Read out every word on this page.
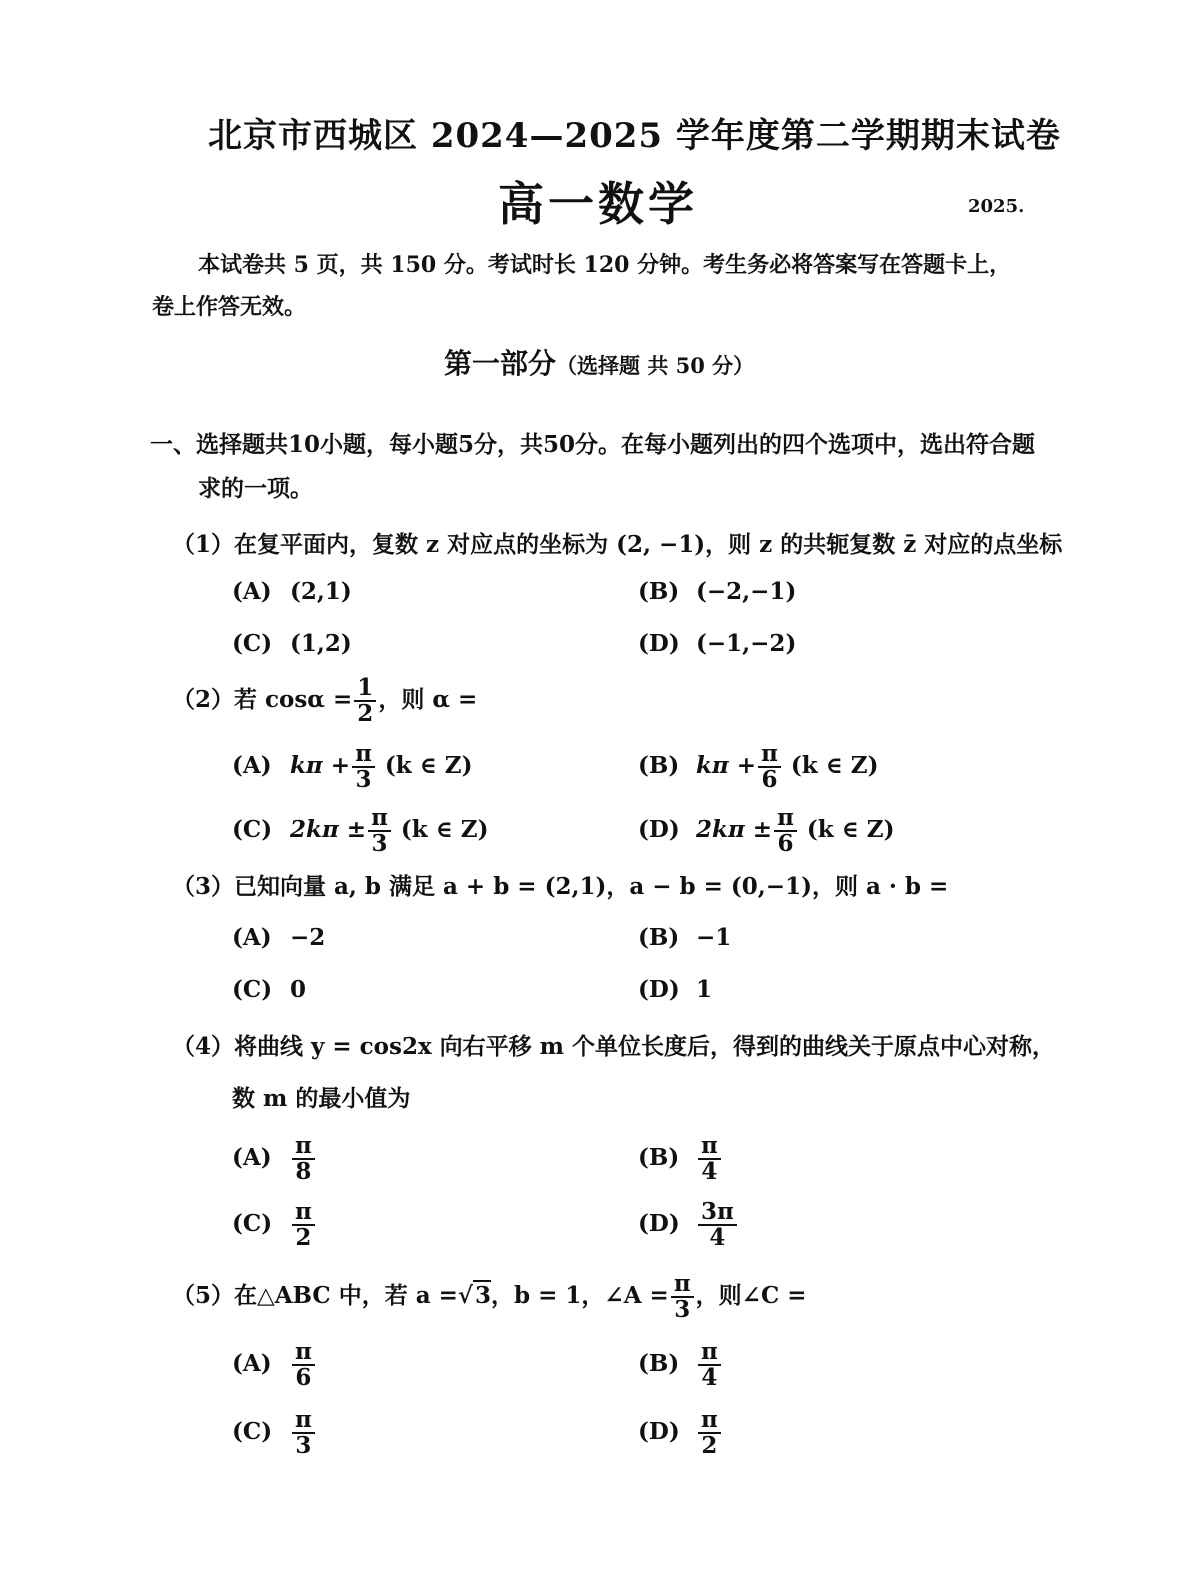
北京市西城区 2024—2025 学年度第二学期期末试卷
高一数学	2025.
本试卷共 5 页，共 150 分。考试时长 120 分钟。考生务必将答案写在答题卡上，
卷上作答无效。
第一部分（选择题 共 50 分）
一、选择题共10小题，每小题5分，共50分。在每小题列出的四个选项中，选出符合题
求的一项。
（1）在复平面内，复数 z 对应点的坐标为 (2, −1)，则 z 的共轭复数 z̄ 对应的点坐标
(A) (2,1)	(B) (−2,−1)
(C) (1,2)	(D) (−1,−2)
（2）若 $\cos\alpha = \frac{1}{2}$ ，则 α =
(A) $k\pi + \frac{\pi}{3} (k$ ∈ Z)	(B) $k\pi + \frac{\pi}{6} (k$ ∈ Z)
(C) $2k\pi \pm \frac{\pi}{3} (k$ ∈ Z)	(D) $2k\pi \pm \frac{\pi}{6} (k$ ∈ Z)
（3）已知向量 a, b 满足 a + b = (2,1)，a − b = (0,−1)，则 a · b =
(A) −2	(B) −1
(C) 0	(D) 1
（4）将曲线 y = cos2x 向右平移 m 个单位长度后，得到的曲线关于原点中心对称，
数 m 的最小值为
$(A) \frac{\pi}{8}$	$(B) \frac{\pi}{4}$
$(C) \frac{\pi}{2}$	$(D) \frac{3\pi}{4}$
（5）在△ABC 中，若 a =√3，b = 1，∠A = $\frac{\pi}{3}$ ，则∠C =
$(A) \frac{\pi}{6}$	$(B) \frac{\pi}{4}$
$(C) \frac{\pi}{3}$	$(D) \frac{\pi}{2}$
